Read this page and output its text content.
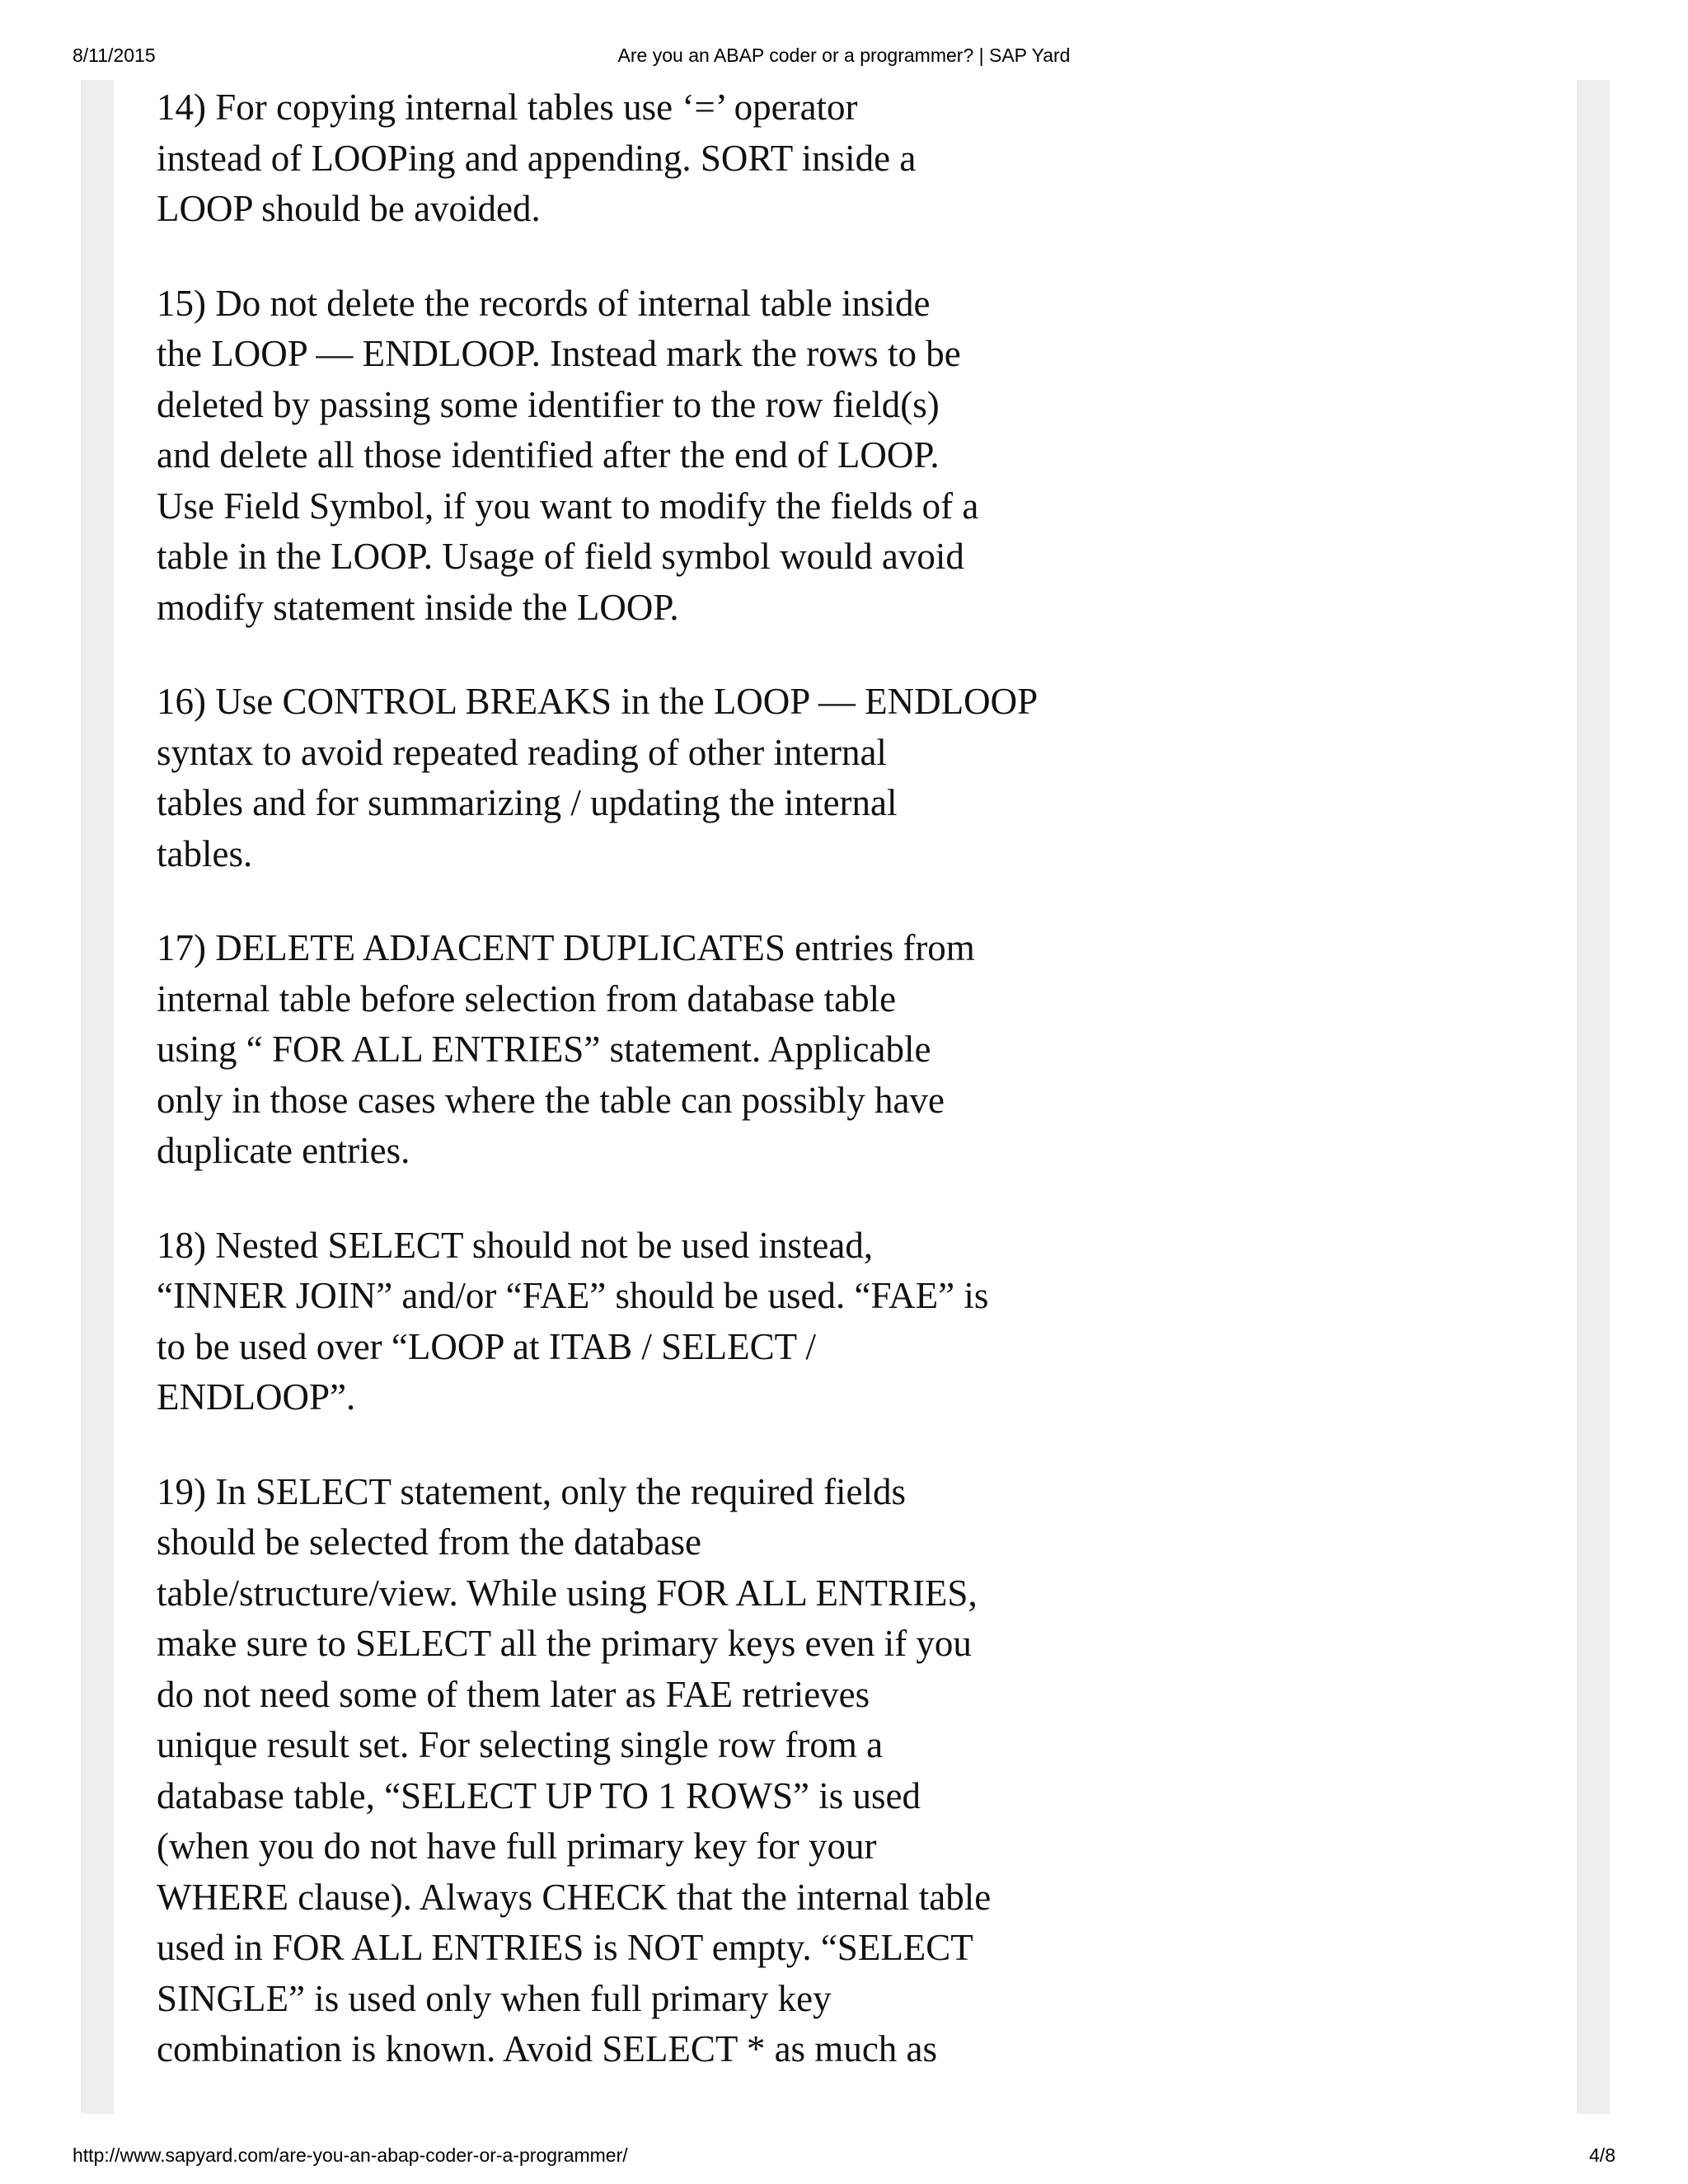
8/11/2015	Are you an ABAP coder or a programmer? | SAP Yard

14) For copying internal tables use ‘=’ operator
instead of LOOPing and appending. SORT inside a
LOOP should be avoided.

15) Do not delete the records of internal table inside
the LOOP — ENDLOOP. Instead mark the rows to be
deleted by passing some identifier to the row field(s)
and delete all those identified after the end of LOOP.
Use Field Symbol, if you want to modify the fields of a
table in the LOOP. Usage of field symbol would avoid
modify statement inside the LOOP.

16) Use CONTROL BREAKS in the LOOP — ENDLOOP
syntax to avoid repeated reading of other internal
tables and for summarizing / updating the internal
tables.

17) DELETE ADJACENT DUPLICATES entries from
internal table before selection from database table
using “ FOR ALL ENTRIES” statement. Applicable
only in those cases where the table can possibly have
duplicate entries.

18) Nested SELECT should not be used instead,
“INNER JOIN” and/or “FAE” should be used. “FAE” is
to be used over “LOOP at ITAB / SELECT /
ENDLOOP”.

19) In SELECT statement, only the required fields
should be selected from the database
table/structure/view. While using FOR ALL ENTRIES,
make sure to SELECT all the primary keys even if you
do not need some of them later as FAE retrieves
unique result set. For selecting single row from a
database table, “SELECT UP TO 1 ROWS” is used
(when you do not have full primary key for your
WHERE clause). Always CHECK that the internal table
used in FOR ALL ENTRIES is NOT empty. “SELECT
SINGLE” is used only when full primary key
combination is known. Avoid SELECT * as much as

http://www.sapyard.com/are-you-an-abap-coder-or-a-programmer/	4/8
